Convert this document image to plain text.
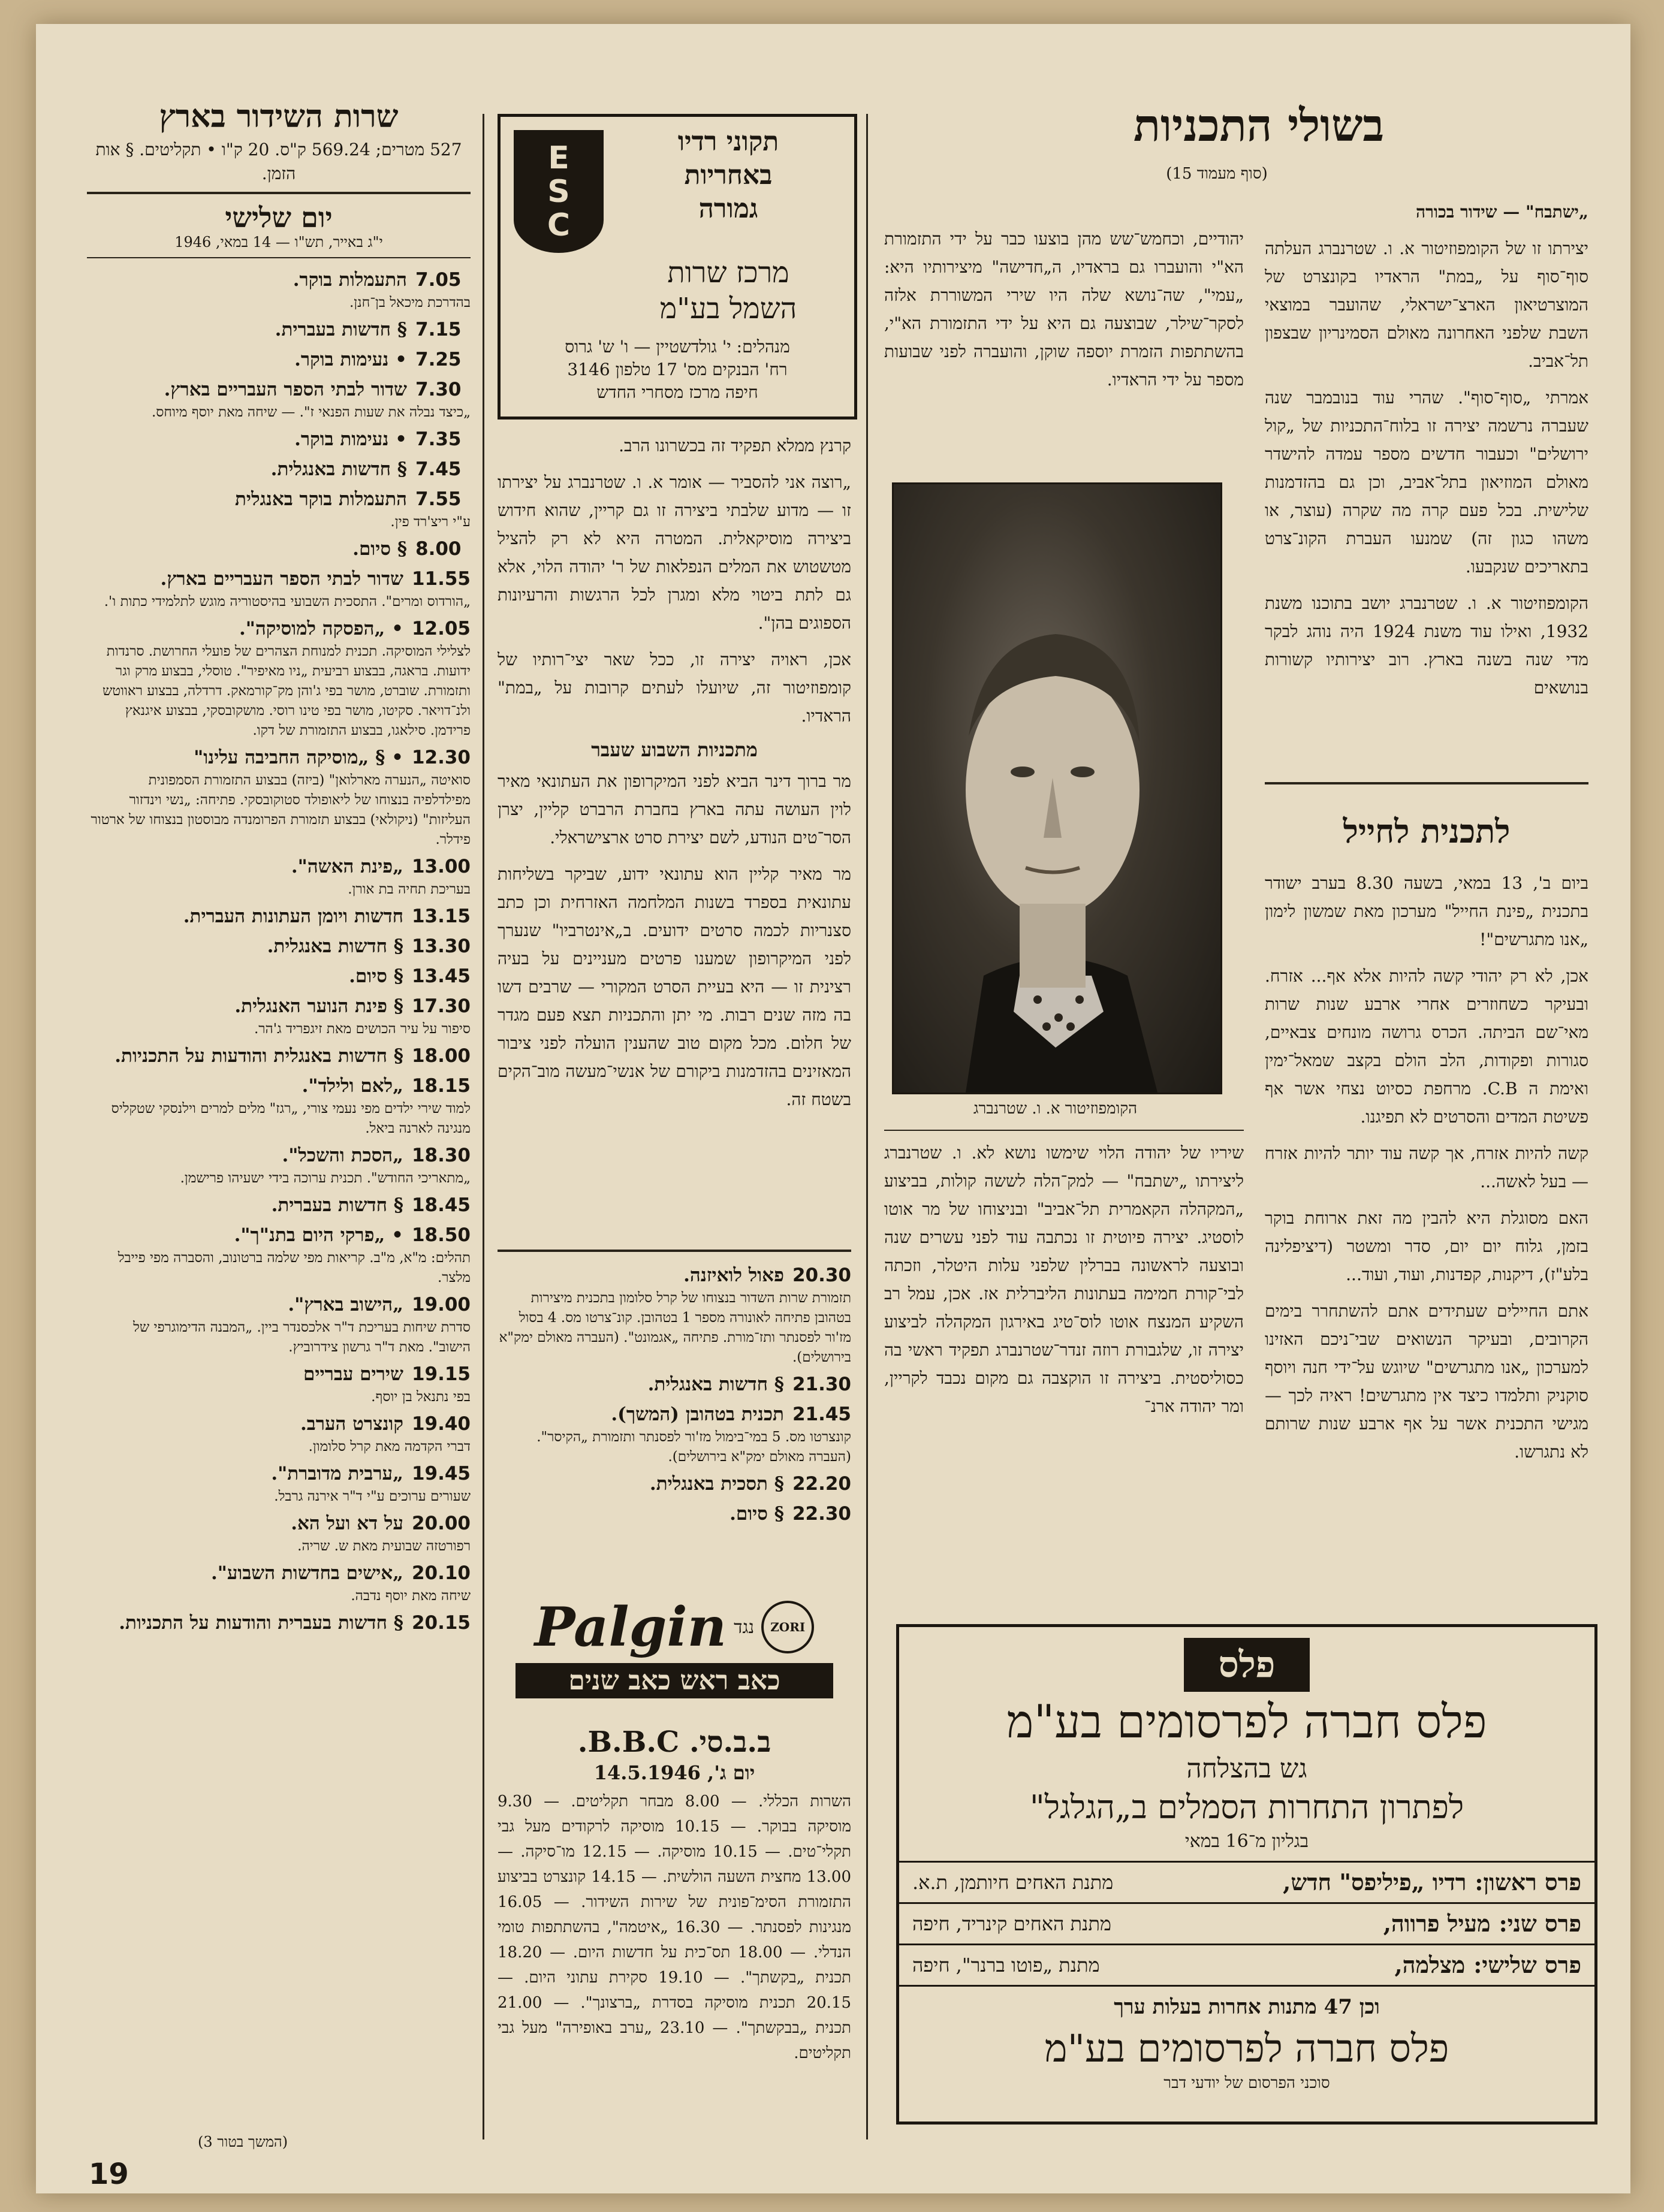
שרות השידור בארץ
527 מטרים; 569.24 ק"ס. 20 ק"ו • תקליטים. § אות הזמן.
יום שלישי
י"ג באייר, תש"ו — 14 במאי, 1946
7.05
התעמלות בוקר.
בהדרכת מיכאל בן־חנן.
7.15
§ חדשות בעברית.
7.25
• נעימות בוקר.
7.30
שדור לבתי הספר העבריים בארץ.
„כיצד נבלה את שעות הפנאי ז". — שיחה מאת יוסף מיוחס.
7.35
• נעימות בוקר.
7.45
§ חדשות באנגלית.
7.55
התעמלות בוקר באנגלית
ע"י ריצ'רד פין.
8.00
§ סיום.
11.55
שדור לבתי הספר העבריים בארץ.
„הורדוס ומרים". התסכית השבועי בהיסטוריה מוגש לתלמידי כתות ו'.
12.05
• „הפסקה למוסיקה".
לצלילי המוסיקה. תכנית למנוחת הצהרים של פועלי החרושת. סרנדות ידועות. בראגה, בבצוע רביעית „ניו מאיפיר". טוסלי, בבצוע מרק וגר ותזמורת. שוברט, מושר בפי ג'והן מק־קורמאק. דרדלה, בבצוע ראווטש ולנ־דויאר. סקיטו, מושר בפי טינו רוסי. מושקובסקי, בבצוע איגנאץ פרידמן. סילאגו, בבצוע התזמורת של דקו.
12.30
• § „מוסיקה החביבה עלינו"
סואיטה „הנערה מארלואן" (ביזה) בבצוע התזמורת הסמפונית מפילדלפיה בנצוחו של ליאופולד סטוקובסקי. פתיחה: „נשי וינדזור העליזות" (ניקולאי) בבצוע תזמורת הפרומנדה מבוסטון בנצוחו של ארטור פידלר.
13.00
„פינת האשה".
בעריכת תחיה בת אורן.
13.15
חדשות ויומן העתונות העברית.
13.30
§ חדשות באנגלית.
13.45
§ סיום.
17.30
§ פינת הנוער האנגלית.
סיפור על עיר הכושים מאת זיגפריד ג'הר.
18.00
§ חדשות באנגלית והודעות על התכניות.
18.15
„לאם ולילד".
למוד שירי ילדים מפי נעמי צורי, „רגז" מלים למרים וילנסקי שטקליס מנגינה לארנה ביאל.
18.30
„הסכת והשכל".
„מתאריכי החודש". תכנית ערוכה בידי ישעיהו פרישמן.
18.45
§ חדשות בעברית.
18.50
• „פרקי היום בתנ"ך".
תהלים: מ"א, מ"ב. קריאות מפי שלמה ברטונוב, והסברה מפי פייבל מלצר.
19.00
„הישוב בארץ".
סדרת שיחות בעריכת ד"ר אלכסנדר ביין. „המבנה הדימוגרפי של הישוב". מאת ד"ר גרשון צידרוביץ.
19.15
שירים עבריים
בפי נתנאל בן יוסף.
19.40
קונצרט הערב.
דברי הקדמה מאת קרל סלומון.
19.45
„ערבית מדוברת".
שעורים ערוכים ע"י ד"ר אירנה גרבל.
20.00
על דא ועל הא.
רפורטזה שבועית מאת ש. שריה.
20.10
„אישים בחדשות השבוע".
שיחה מאת יוסף נדבה.
20.15
§ חדשות בעברית והודעות על התכניות.
(המשך בטור 3)
19
E
S
C
תקוני רדיו
באחריות
גמורה
מרכז שרות
השמל בע"מ
מנהלים: י' גולדשטיין — ו' ש' גרוס
רח' הבנקים מס' 17 טלפון 3146
חיפה מרכז מסחרי החדש

קרנץ ממלא תפקיד זה בכשרונו הרב.

„רוצה אני להסביר — אומר א. ו. שטרנברג על יצירתו זו — מדוע שלבתי ביצירה זו גם קריין, שהוא חידוש ביצירה מוסיקאלית. המטרה היא לא רק להציל מטשטוש את המלים הנפלאות של ר' יהודה הלוי, אלא גם לתת ביטוי מלא ומגרן לכל הרגשות והרעיונות הספוגים בהן".

אכן, ראויה יצירה זו, ככל שאר יצי־רותיו של קומפוזיטור זה, שיועלו לעתים קרובות על „במת" הראדיו.

מתכניות השבוע שעבר

מר ברוך דינר הביא לפני המיקרופון את העתונאי מאיר לוין העושה עתה בארץ בחברת הרברט קליין, יצרן הסר־טים הנודע, לשם יצירת סרט ארצישראלי.

מר מאיר קליין הוא עתונאי ידוע, שביקר בשליחות עתונאית בספרד בשנות המלחמה האזרחית וכן כתב סצנריות לכמה סרטים ידועים. ב„אינטרביו" שנערך לפני המיקרופון שמענו פרטים מעניינים על בעיה רצינית זו — היא בעיית הסרט המקורי — שרבים דשו בה מזה שנים רבות. מי יתן והתכניות תצא פעם מגדר של חלום. מכל מקום טוב שהענין הועלה לפני ציבור המאזינים בהזדמנות ביקורם של אנשי־מעשה מוב־הקים בשטח זה.

20.30
פאול לואיזנה.
תזמורת שרות השדור בנצוחו של קרל סלומון בתכנית מיצירות בטהובן פתיחה לאונורה מספר 1 בטהובן. קונ־צרטו מס. 4 בסול מז'ור לפסנתר ותז־מורת. פתיחה „אגמונט". (העברה מאולם ימק"א בירושלים).
21.30
§ חדשות באנגלית.
21.45
תכנית בטהובן (המשך).
קונצרטו מס. 5 במי־בימול מז'ור לפסנתר ותזמורת „הקיסר". (העברה מאולם ימק"א בירושלים).
22.20
§ תסכית באנגלית.
22.30
§ סיום.
Palgin נגד ZORI
כאב ראש כאב שנים
ב.ב.סי. B.B.C.
יום ג', 14.5.1946

השרות הכללי. — 8.00 מבחר תקליטים. — 9.30 מוסיקה בבוקר. — 10.15 מוסיקה לרקודים מעל גבי תקלי־טים. — 10.15 מוסיקה. — 12.15 מו־סיקה. — 13.00 מחצית השעה הולשית. — 14.15 קונצרט בביצוע התזמורת הסימ־פונית של שירות השידור. — 16.05 מנגינות לפסנתר. — 16.30 „איטמה", בהשתתפות טומי הנדלי. — 18.00 תס־כית על חדשות היום. — 18.20 תכנית „בקשתך". — 19.10 סקירת עתוני היום. — 20.15 תכנית מוסיקה בסדרת „ברצונך". — 21.00 תכנית „בבקשתך". — 23.10 „ערב באופירה" מעל גבי תקליטים.

בשולי התכניות
(סוף מעמוד 15)

„ישתבח" — שידור בכורה

יצירתו זו של הקומפוזיטור א. ו. שטרנברג העלתה סוף־סוף על „במת" הראדיו בקונצרט של המוצרטיאון הארצ־ישראלי, שהועבר במוצאי השבת שלפני האחרונה מאולם הסמינריון שבצפון תל־אביב.

אמרתי „סוף־סוף". שהרי עוד בנובמבר שנה שעברה נרשמה יצירה זו בלוח־התכניות של „קול ירושלים" וכעבור חדשים מספר עמדה להישדר מאולם המוזיאון בתל־אביב, וכן גם בהזדמנות שלישית. בכל פעם קרה מה שקרה (עוצר, או משהו כגון זה) שמנעו העברת הקונ־צרט בתאריכים שנקבעו.

הקומפוזיטור א. ו. שטרנברג יושב בתוכנו משנת 1932, ואילו עוד משנת 1924 היה נוהג לבקר מדי שנה בשנה בארץ. רוב יצירותיו קשורות בנושאים

יהודיים, וכחמש־שש מהן בוצעו כבר על ידי התזמורת הא"י והועברו גם בראדיו, ה„חדישה" מיצירותיו היא: „עמי", שה־נושא שלה היו שירי המשוררת אלזה לסקר־שילר, שבוצעה גם היא על ידי התזמורת הא"י, בהשתתפות הזמרת יוספה שוקן, והועברה לפני שבועות מספר על ידי הראדיו.

הקומפוזיטור א. ו. שטרנברג

שיריו של יהודה הלוי שימשו נושא לא. ו. שטרנברג ליצירתו „ישתבח" — למק־הלה לששה קולות, בביצוע „המקהלה הקאמרית תל־אביב" ובניצוחו של מר אוטו לוסטיג. יצירה פיוטית זו נכתבה עוד לפני עשרים שנה ובוצעה לראשונה בברלין שלפני עלות היטלר, וזכתה לבי־קורת חמימה בעתונות הליברלית אז. אכן, עמל רב השקיע המנצח אוטו לוס־טיג באירגון המקהלה לביצוע יצירה זו, שלגבורת רוזה זנדר־שטרנברג תפקיד ראשי בה כסוליסטית. ביצירה זו הוקצבה גם מקום נכבד לקריין, ומר יהודה ארנ־

לתכנית לחייל

ביום ב', 13 במאי, בשעה 8.30 בערב ישודר בתכנית „פינת החייל" מערכון מאת שמשון לימון „אנו מתגרשים"!

אכן, לא רק יהודי קשה להיות אלא אף... אזרח. ובעיקר כשחוזרים אחרי ארבע שנות שרות מאי־שם הביתה. הכרס גרושה מונחים צבאיים, סגורות ופקודות, הלב הולם בקצב שמאל־ימין ואימת ה C.B. מרחפת כסיוט נצחי אשר אף פשיטת המדים והסרטים לא תפיגנו.

קשה להיות אזרח, אך קשה עוד יותר להיות אזרח — בעל לאשה...

האם מסוגלת היא להבין מה זאת ארוחת בוקר בזמן, גלוח יום יום, סדר ומשטר (דיציפלינה בלע"ז), דיקנות, קפדנות, ועוד, ועוד...

אתם החיילים שעתידים אתם להשתחרר בימים הקרובים, ובעיקר הנשואים שבי־ניכם האזינו למערכון „אנו מתגרשים" שיוגש על־ידי חנה ויוסף סוקניק ותלמדו כיצד אין מתגרשים! ראיה לכך — מגישי התכנית אשר על אף ארבע שנות שרותם לא נתגרשו.

פלס
פלס חברה לפרסומים בע"מ
גש בהצלחה
לפתרון התחרות הסמלים ב„הגלגל"
בגליון מ־16 במאי
פרס ראשון:רדיו „פיליפס" חדש,
מתנת האחים חיותמן, ת.א.
פרס שני:מעיל פרווה,
מתנת האחים קינריד, חיפה
פרס שלישי:מצלמה,
מתנת „פוטו ברנר", חיפה
וכן 47 מתנות אחרות בעלות ערך
פלס חברה לפרסומים בע"מ
סוכני הפרסום של יודעי דבר
